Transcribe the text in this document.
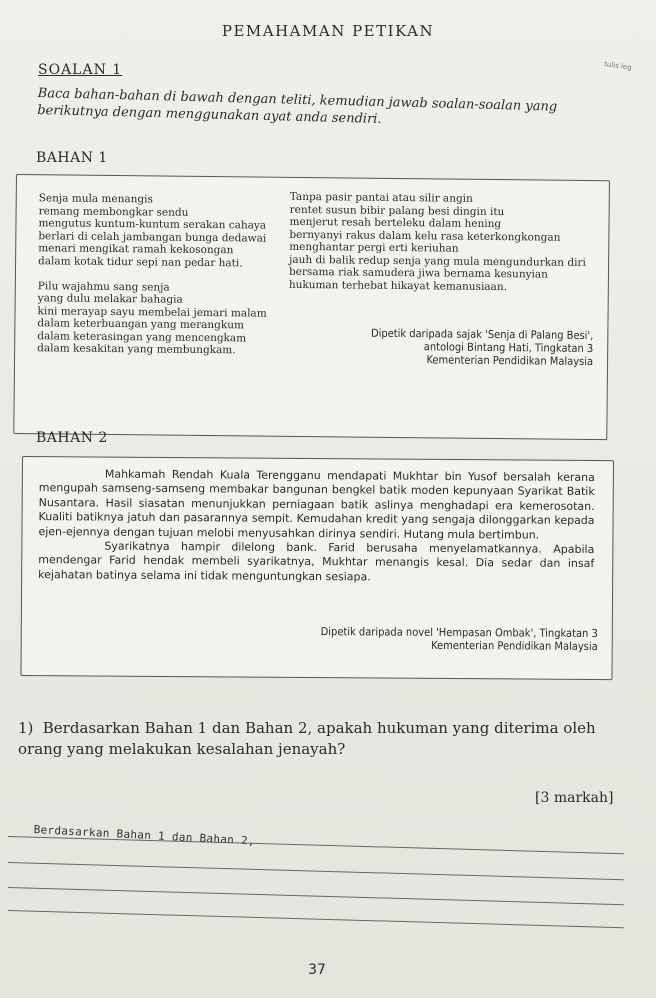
PEMAHAMAN PETIKAN
SOALAN 1	tulis leg
Baca bahan-bahan di bawah dengan teliti, kemudian jawab soalan-soalan yang berikutnya dengan menggunakan ayat anda sendiri.
BAHAN 1
Senja mula menangis
remang membongkar sendu
mengutus kuntum-kuntum serakan cahaya
berlari di celah jambangan bunga dedawai
menari mengikat ramah kekosongan
dalam kotak tidur sepi nan pedar hati.
Pilu wajahmu sang senja
yang dulu melakar bahagia
kini merayap sayu membelai jemari malam
dalam keterbuangan yang merangkum
dalam keterasingan yang mencengkam
dalam kesakitan yang membungkam.
Tanpa pasir pantai atau silir angin
rentet susun bibir palang besi dingin itu
menjerut resah berteleku dalam hening
bernyanyi rakus dalam kelu rasa keterkongkongan
menghantar pergi erti keriuhan
jauh di balik redup senja yang mula mengundurkan diri
bersama riak samudera jiwa bernama kesunyian
hukuman terhebat hikayat kemanusiaan.
Dipetik daripada sajak 'Senja di Palang Besi',
antologi Bintang Hati, Tingkatan 3
Kementerian Pendidikan Malaysia
BAHAN 2

Mahkamah Rendah Kuala Terengganu mendapati Mukhtar bin Yusof bersalah kerana mengupah samseng-samseng membakar bangunan bengkel batik moden kepunyaan Syarikat Batik Nusantara. Hasil siasatan menunjukkan perniagaan batik aslinya menghadapi era kemerosotan. Kualiti batiknya jatuh dan pasarannya sempit. Kemudahan kredit yang sengaja dilonggarkan kepada ejen-ejennya dengan tujuan melobi menyusahkan dirinya sendiri. Hutang mula bertimbun.

Syarikatnya hampir dilelong bank. Farid berusaha menyelamatkannya. Apabila mendengar Farid hendak membeli syarikatnya, Mukhtar menangis kesal. Dia sedar dan insaf kejahatan batinya selama ini tidak menguntungkan sesiapa.

Dipetik daripada novel 'Hempasan Ombak', Tingkatan 3
Kementerian Pendidikan Malaysia
1) Berdasarkan Bahan 1 dan Bahan 2, apakah hukuman yang diterima oleh orang yang melakukan kesalahan jenayah?
[3 markah]
Berdasarkan Bahan 1 dan Bahan 2,
37
